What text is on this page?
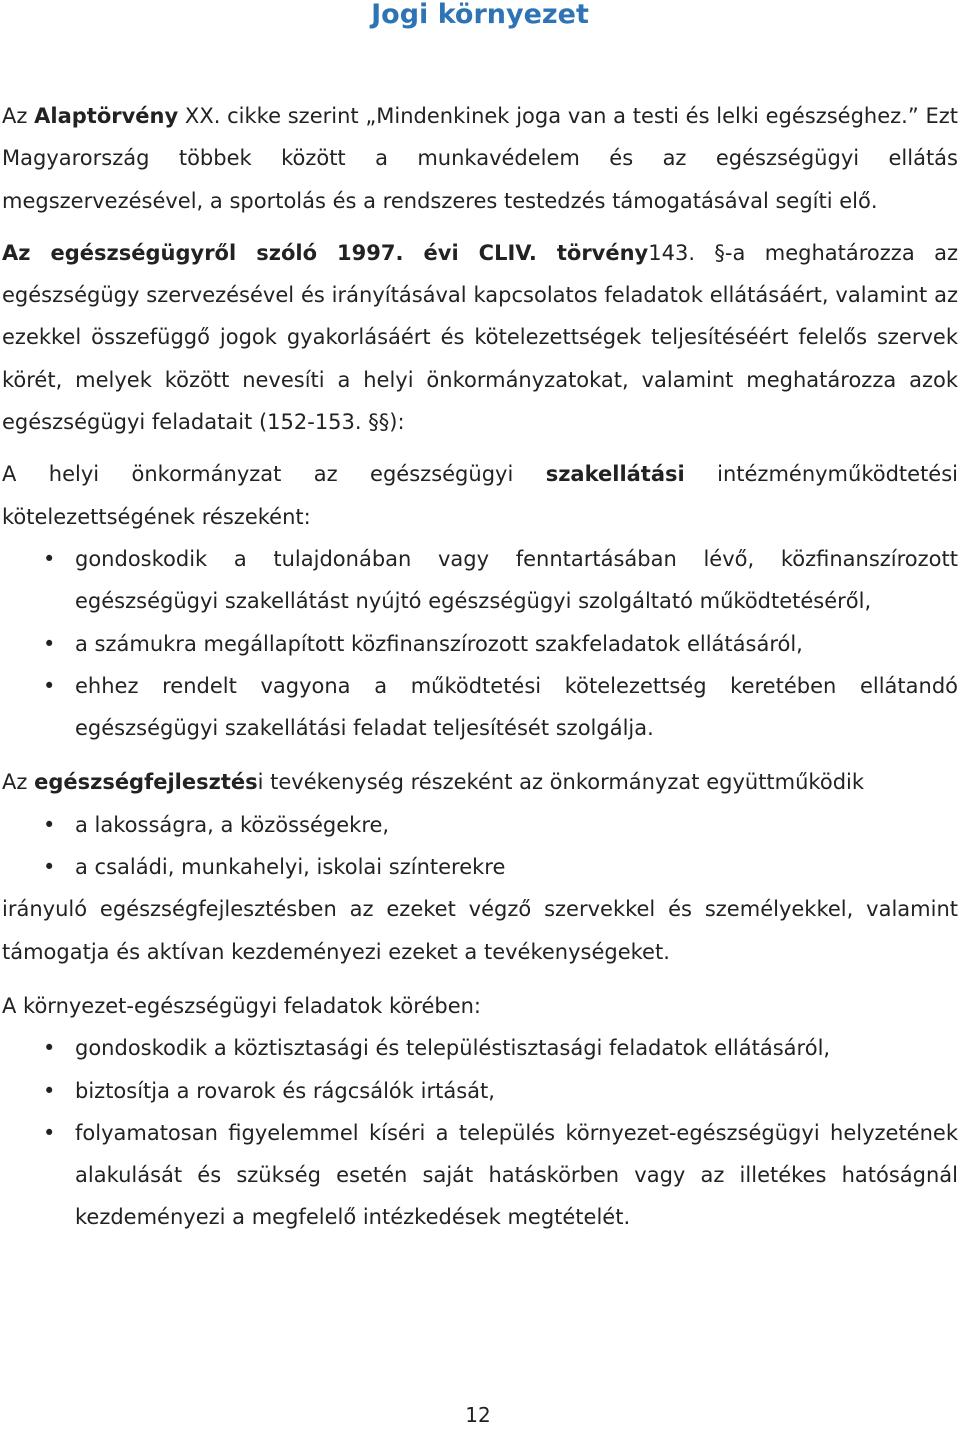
Jogi környezet

Az Alaptörvény XX. cikke szerint „Mindenkinek joga van a testi és lelki egészséghez.” Ezt Magyarország többek között a munkavédelem és az egészségügyi ellátás megszervezésével, a sportolás és a rendszeres testedzés támogatásával segíti elő.

Az egészségügyről szóló 1997. évi CLIV. törvény143. §-a meghatározza az egészségügy szervezésével és irányításával kapcsolatos feladatok ellátásáért, valamint az ezekkel összefüggő jogok gyakorlásáért és kötelezettségek teljesítéséért felelős szervek körét, melyek között nevesíti a helyi önkormányzatokat, valamint meghatározza azok egészségügyi feladatait (152-153. §§):

A helyi önkormányzat az egészségügyi szakellátási intézményműködtetési kötelezettségének részeként:

• gondoskodik a tulajdonában vagy fenntartásában lévő, közfinanszírozott egészségügyi szakellátást nyújtó egészségügyi szolgáltató működtetéséről,
• a számukra megállapított közfinanszírozott szakfeladatok ellátásáról,
• ehhez rendelt vagyona a működtetési kötelezettség keretében ellátandó egészségügyi szakellátási feladat teljesítését szolgálja.

Az egészségfejlesztési tevékenység részeként az önkormányzat együttműködik

• a lakosságra, a közösségekre,
• a családi, munkahelyi, iskolai színterekre

irányuló egészségfejlesztésben az ezeket végző szervekkel és személyekkel, valamint támogatja és aktívan kezdeményezi ezeket a tevékenységeket.

A környezet-egészségügyi feladatok körében:

• gondoskodik a köztisztasági és településtisztasági feladatok ellátásáról,
• biztosítja a rovarok és rágcsálók irtását,
• folyamatosan figyelemmel kíséri a település környezet-egészségügyi helyzetének alakulását és szükség esetén saját hatáskörben vagy az illetékes hatóságnál kezdeményezi a megfelelő intézkedések megtételét.
12
